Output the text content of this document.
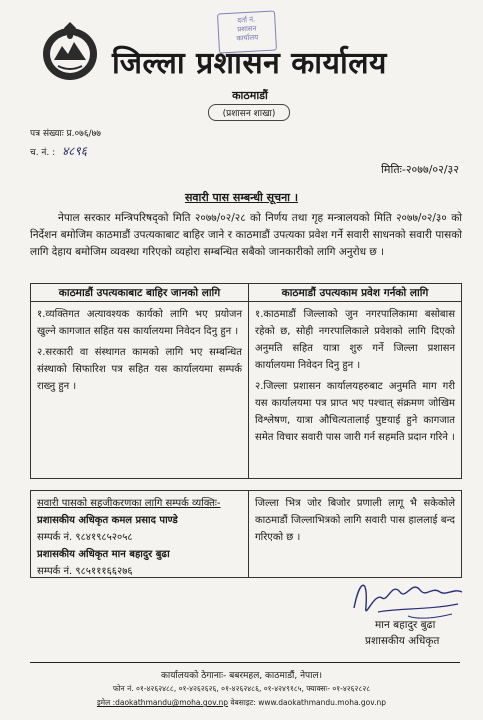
दर्ता नं.
प्रशासन
कार्यालय
जिल्ला प्रशासन कार्यालय
काठमाडौं
(प्रशासन शाखा)
पत्र संख्याः प्र.०७६/७७
च. नं. : ४८९६
मितिः-२०७७/०२/३२
सवारी पास सम्बन्धी सूचना ।
नेपाल सरकार मन्त्रिपरिषद्को मिति २०७७/०२/२८ को निर्णय तथा गृह मन्त्रालयको मिति २०७७/०२/३० को निर्देशन बमोजिम काठमाडौं उपत्यकाबाट बाहिर जाने र काठमाडौं उपत्यका प्रवेश गर्ने सवारी साधनको सवारी पासको लागि देहाय बमोजिम व्यवस्था गरिएको व्यहोरा सम्बन्धित सबैको जानकारीको लागि अनुरोध छ ।
काठमाडौं उपत्यकाबाट बाहिर जानको लागि	काठमाडौं उपत्यकाम प्रवेश गर्नको लागि

१.व्यक्तिगत अत्यावश्यक कार्यको लागि भए प्रयोजन खुल्ने कागजात सहित यस कार्यालयमा निवेदन दिनु हुन ।

२.सरकारी वा संस्थागत कामको लागि भए सम्बन्धित संस्थाको सिफारिश पत्र सहित यस कार्यालयमा सम्पर्क राख्नु हुन ।

१.काठमाडौं जिल्लाको जुन नगरपालिकामा बसोबास रहेको छ, सोही नगरपालिकाले प्रवेशको लागि दिएको अनुमति सहित यात्रा शुरु गर्ने जिल्ला प्रशासन कार्यालयमा निवेदन दिनु हुन ।

२.जिल्ला प्रशासन कार्यालयहरुबाट अनुमति माग गरी यस कार्यालयमा पत्र प्राप्त भए पश्चात् संक्रमण जोखिम विश्लेषण, यात्रा औचित्यतालाई पुष्टयाई हुने कागजात समेत विचार सवारी पास जारी गर्न सहमति प्रदान गरिने ।

सवारी पासको सहजीकरणका लागि सम्पर्क व्यक्तिः-
प्रशासकीय अधिकृत कमल प्रसाद पाण्डे
सम्पर्क नं. ९८४१९८५२०५८
प्रशासकीय अधिकृत मान बहादुर बुढा
सम्पर्क नं. ९८५१११६६२७६
जिल्ला भित्र जोर बिजोर प्रणाली लागू भै सकेकोले काठमाडौं जिल्लाभित्रको लागि सवारी पास हाललाई बन्द गरिएको छ ।
मान बहादुर बुढा
प्रशासकीय अधिकृत
कार्यालयको ठेगानाः- बबरमहल, काठमाडौं, नेपाल।
फोन नं. ०१-४२६२४८८, ०१-४२६२६२६, ०१-४२६२४८६, ०१-४२४९१८५, फ्याक्सः- ०१-४२६२८२८
इमेल :daokathmandu@moha.gov.np वेबसाइट: www.daokathmandu.moha.gov.np
